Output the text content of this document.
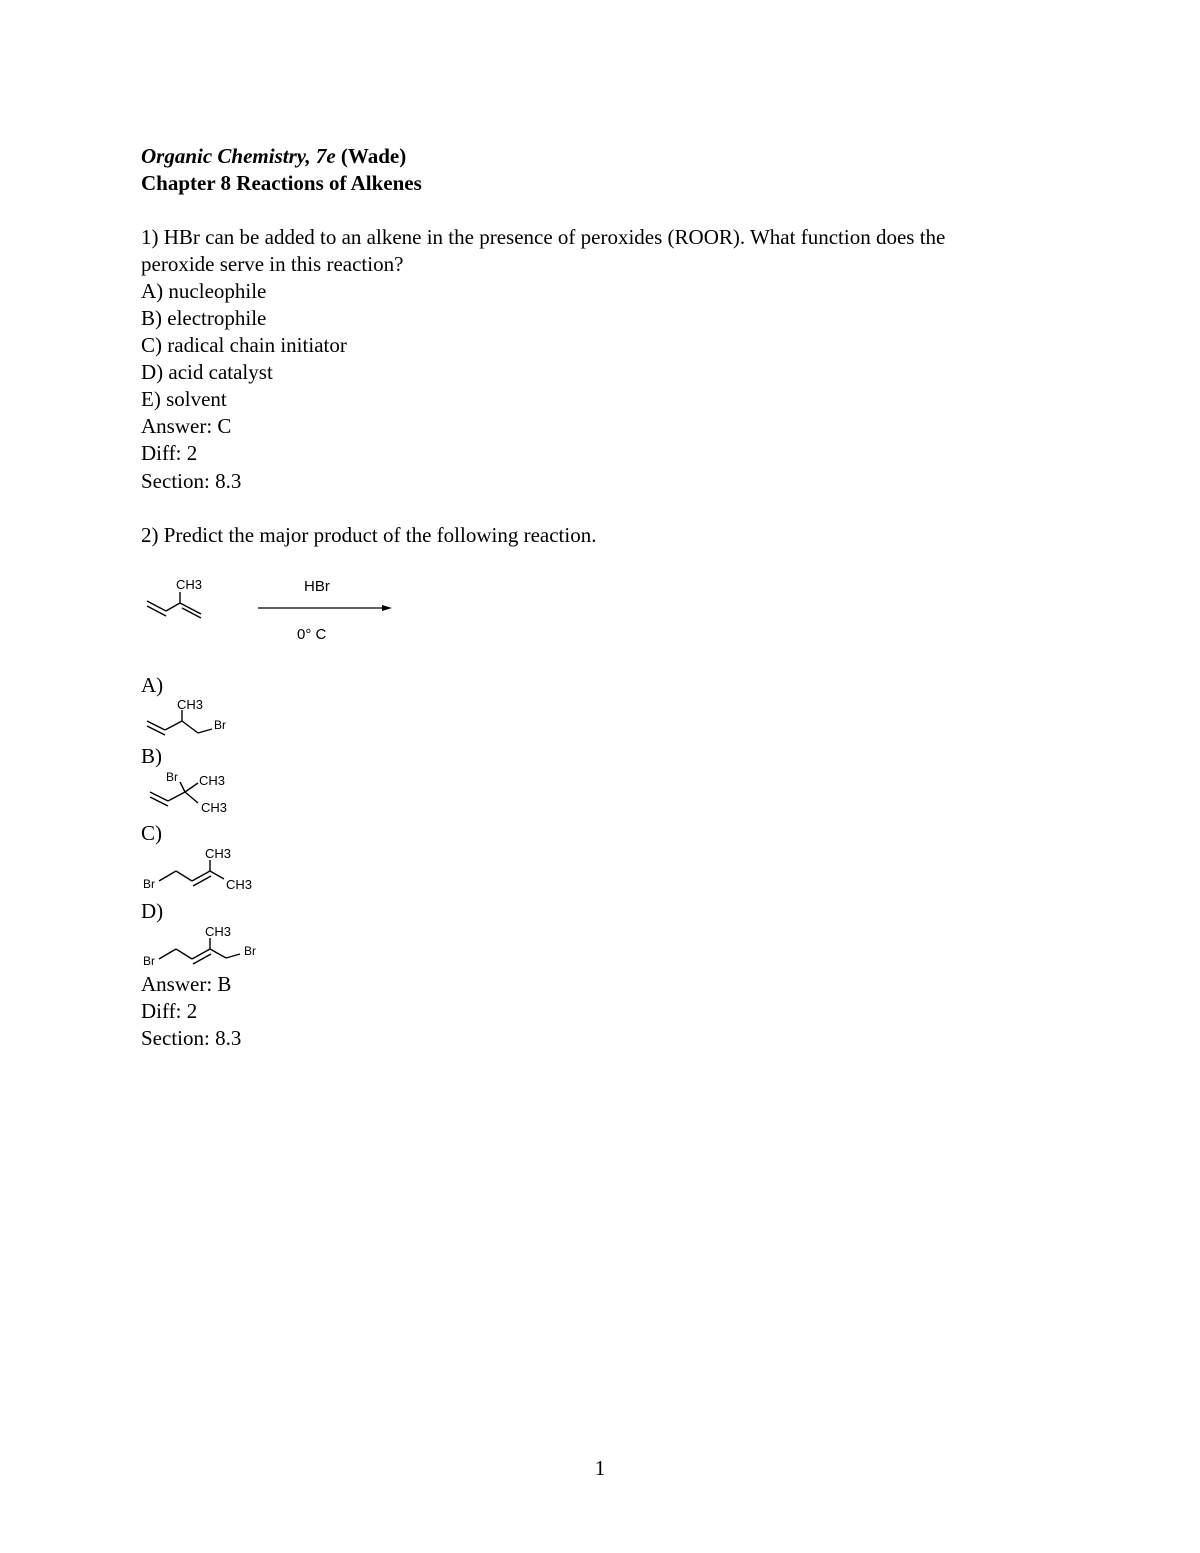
Organic Chemistry, 7e (Wade)
Chapter 8 Reactions of Alkenes
1) HBr can be added to an alkene in the presence of peroxides (ROOR). What function does the
peroxide serve in this reaction?
A) nucleophile
B) electrophile
C) radical chain initiator
D) acid catalyst
E) solvent
Answer: C
Diff: 2
Section: 8.3
2) Predict the major product of the following reaction.
CH3	HBr
0° C
A)
CH3
Br
B)
Br CH3
CH3
C)
CH3
Br	CH3
D)
CH3
Br
Br
Answer: B
Diff: 2
Section: 8.3
1
